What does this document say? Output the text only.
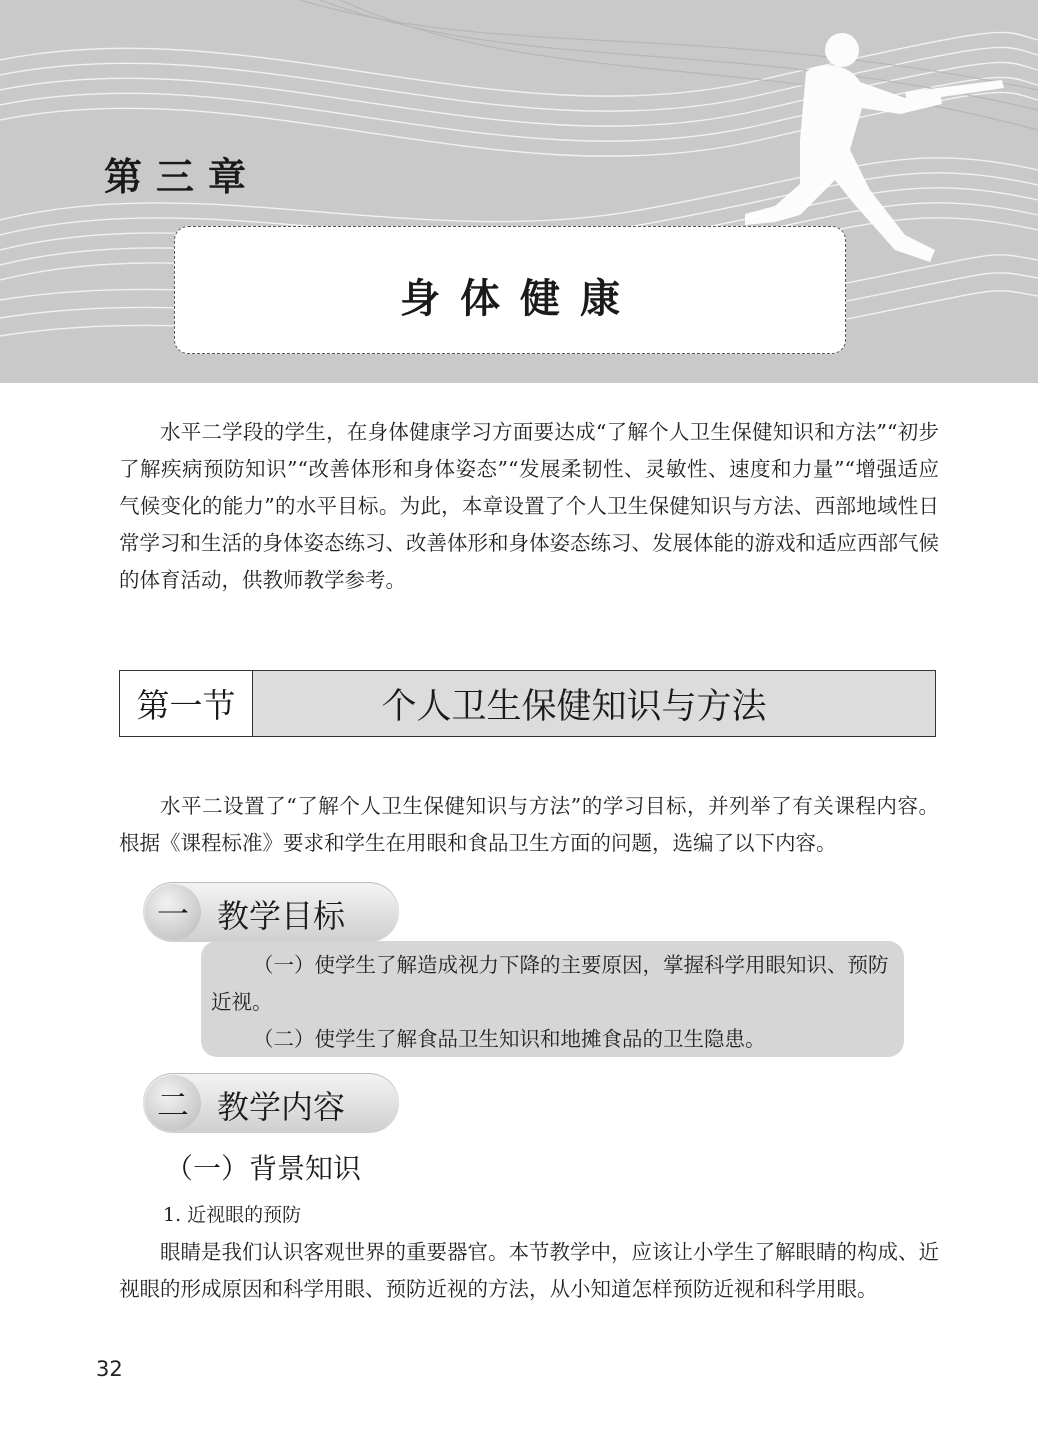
第三章
身体健康

水平二学段的学生，在身体健康学习方面要达成“了解个人卫生保健知识和方法”“初步了解疾病预防知识”“改善体形和身体姿态”“发展柔韧性、灵敏性、速度和力量”“增强适应气候变化的能力”的水平目标。为此，本章设置了个人卫生保健知识与方法、西部地域性日常学习和生活的身体姿态练习、改善体形和身体姿态练习、发展体能的游戏和适应西部气候的体育活动，供教师教学参考。

第一节	个人卫生保健知识与方法

水平二设置了“了解个人卫生保健知识与方法”的学习目标，并列举了有关课程内容。根据《课程标准》要求和学生在用眼和食品卫生方面的问题，选编了以下内容。

一 教学目标

（一）使学生了解造成视力下降的主要原因，掌握科学用眼知识、预防近视。

（二）使学生了解食品卫生知识和地摊食品的卫生隐患。

二 教学内容
（一）背景知识
1. 近视眼的预防

眼睛是我们认识客观世界的重要器官。本节教学中，应该让小学生了解眼睛的构成、近视眼的形成原因和科学用眼、预防近视的方法，从小知道怎样预防近视和科学用眼。

32
